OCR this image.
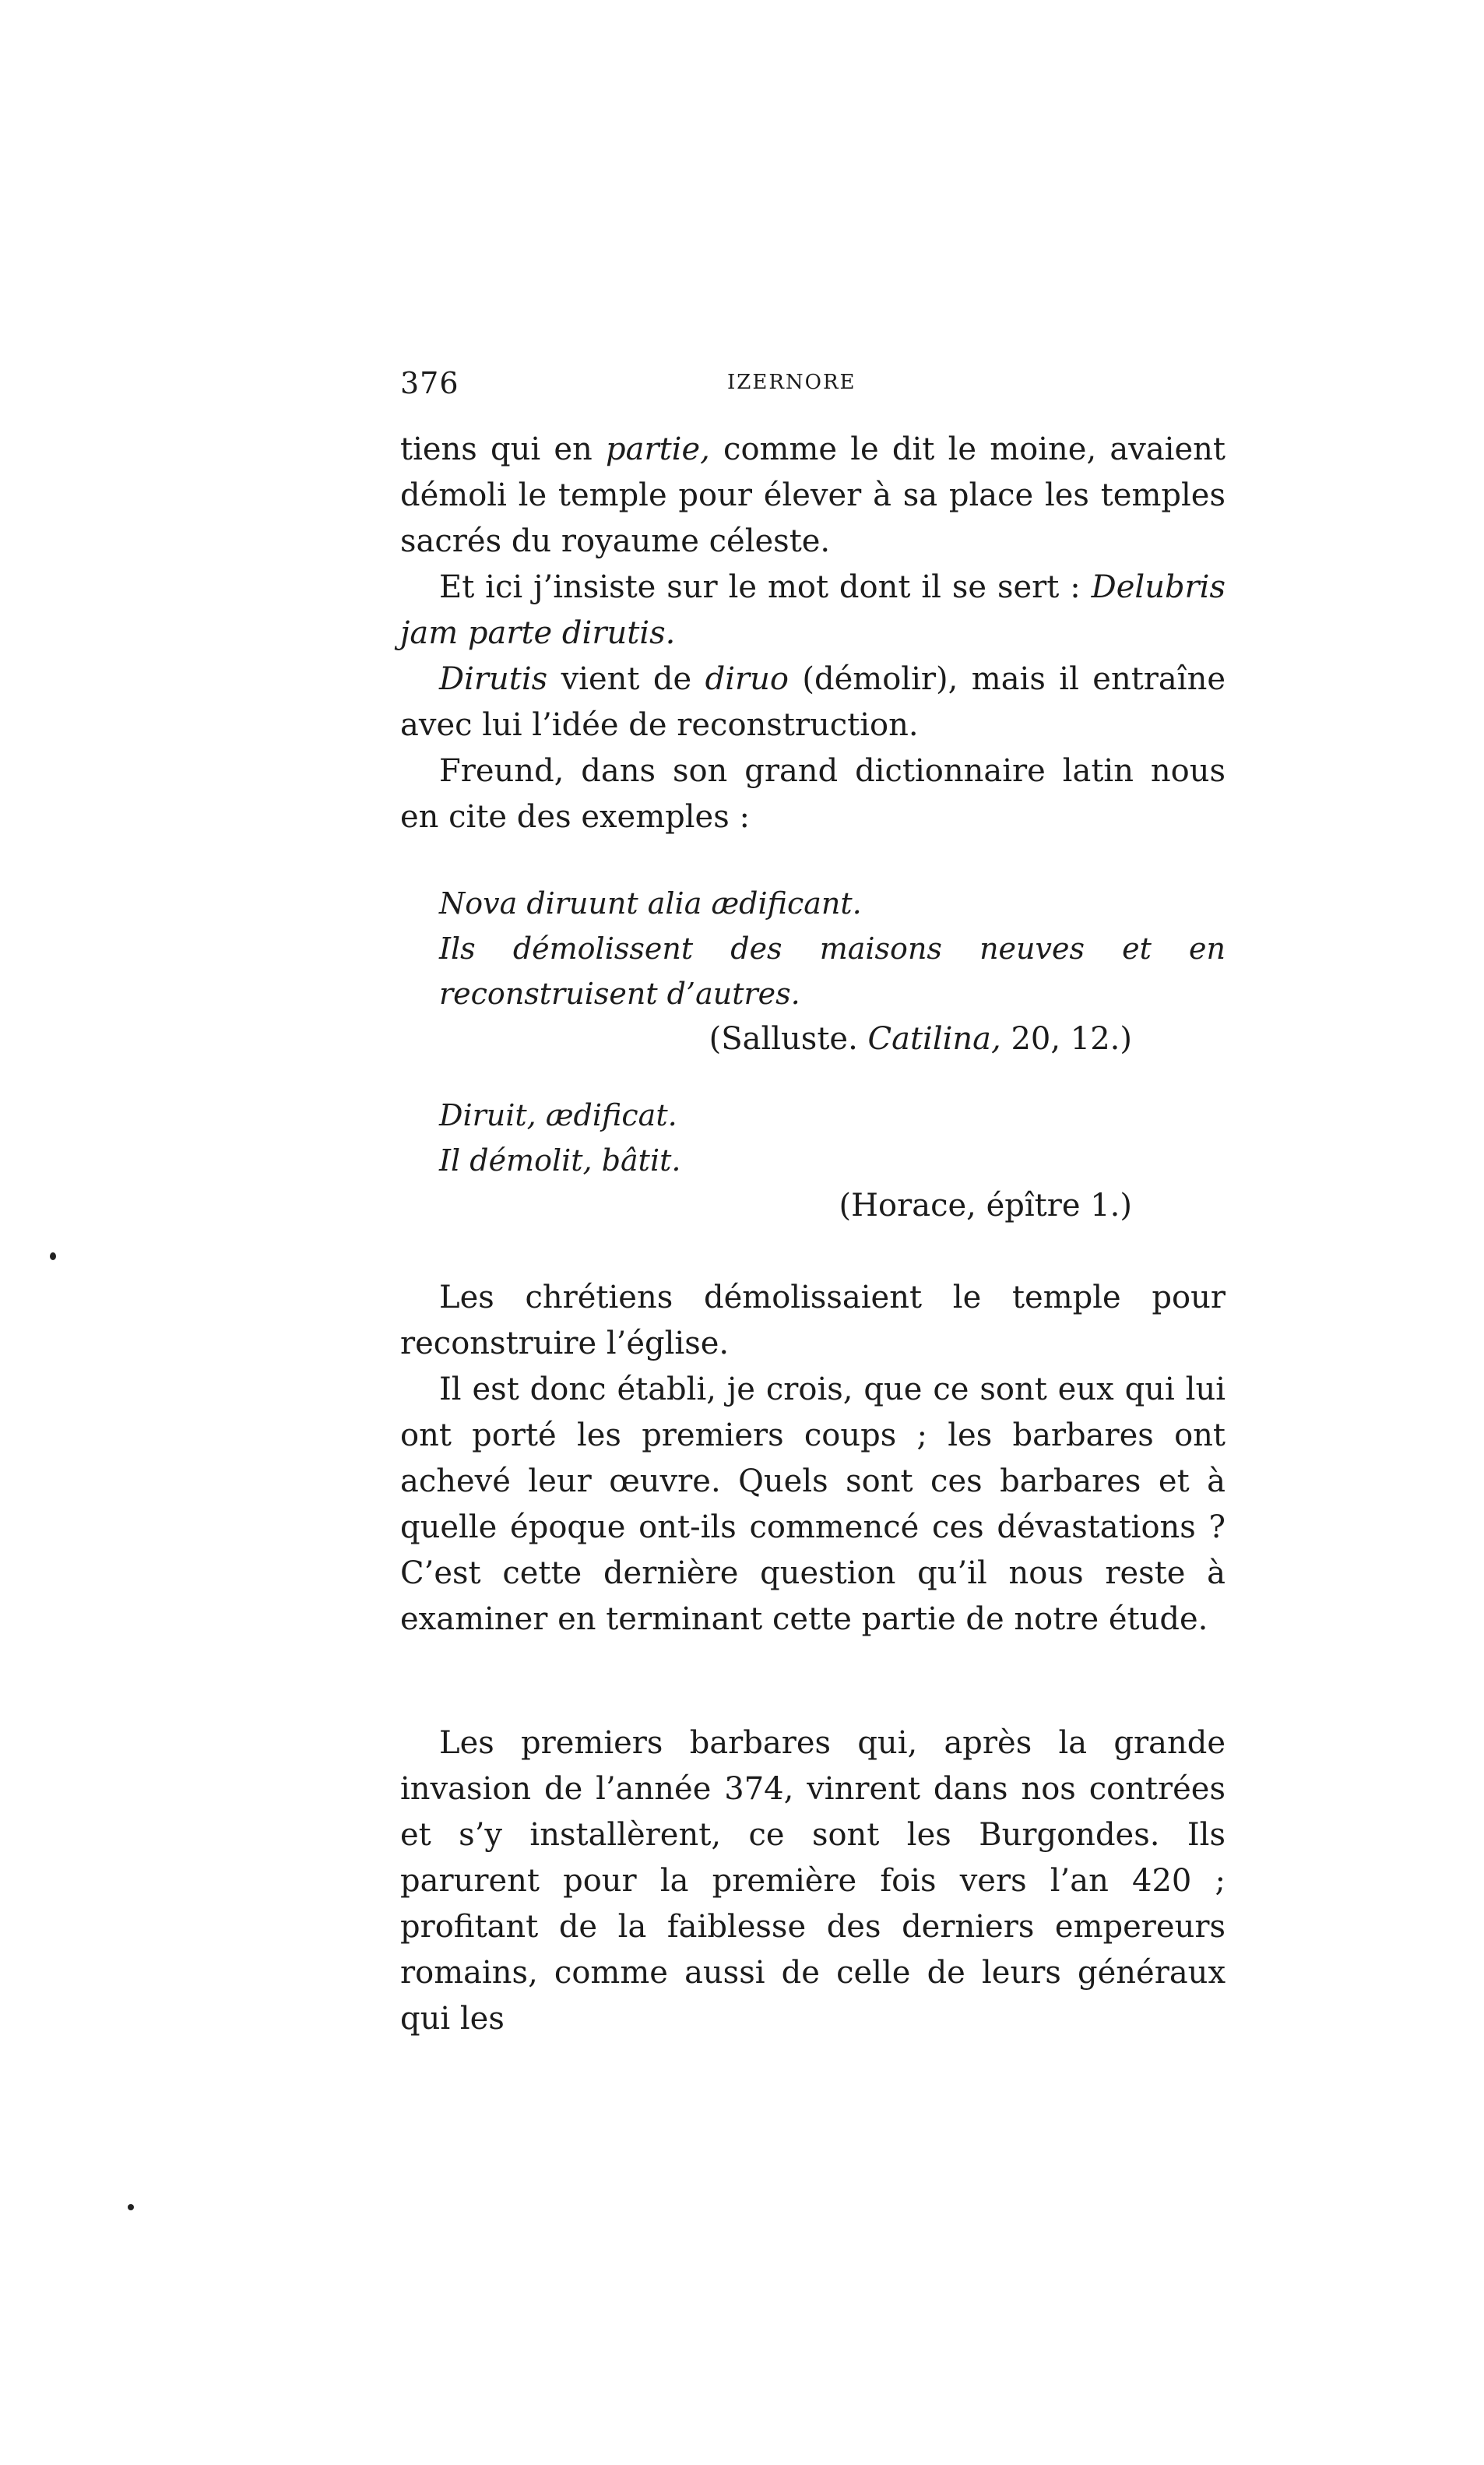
376	IZERNORE

tiens qui en partie, comme le dit le moine, avaient démoli le temple pour élever à sa place les temples sacrés du royaume céleste.

Et ici j’insiste sur le mot dont il se sert : Delubris jam parte dirutis.

Dirutis vient de diruo (démolir), mais il entraîne avec lui l’idée de reconstruction.

Freund, dans son grand dictionnaire latin nous en cite des exemples :

Nova diruunt alia ædificant.
Ils démolissent des maisons neuves et en reconstruisent d’autres.
(Salluste. Catilina, 20, 12.)
Diruit, ædificat.
Il démolit, bâtit.
(Horace, épître 1.)

Les chrétiens démolissaient le temple pour reconstruire l’église.

Il est donc établi, je crois, que ce sont eux qui lui ont porté les premiers coups ; les barbares ont achevé leur œuvre. Quels sont ces barbares et à quelle époque ont-ils commencé ces dévastations ? C’est cette dernière question qu’il nous reste à examiner en terminant cette partie de notre étude.

Les premiers barbares qui, après la grande invasion de l’année 374, vinrent dans nos contrées et s’y installèrent, ce sont les Burgondes. Ils parurent pour la première fois vers l’an 420 ; profitant de la faiblesse des derniers empereurs romains, comme aussi de celle de leurs généraux qui les
